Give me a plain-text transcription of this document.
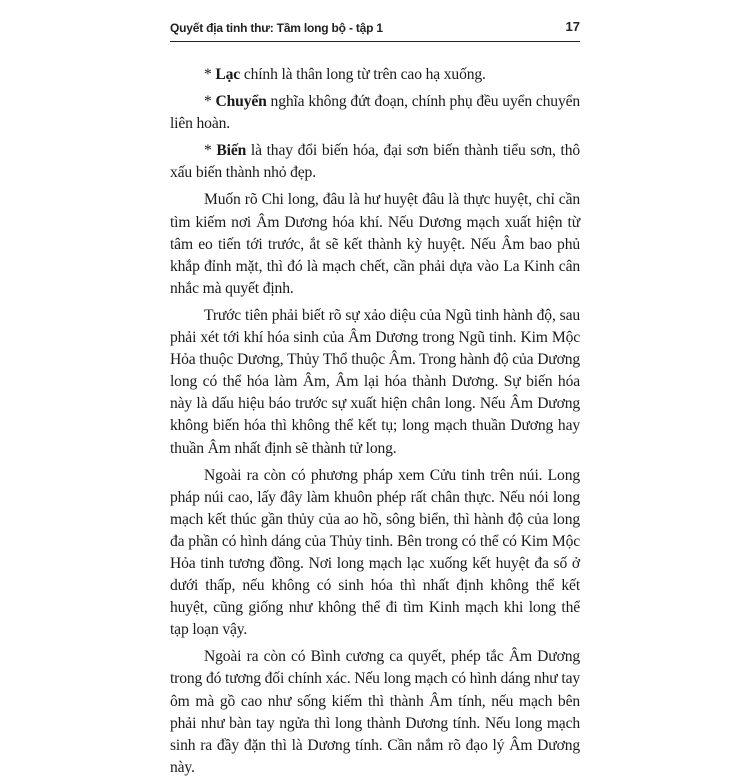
Quyết địa tinh thư: Tầm long bộ - tập 1	17

* Lạc chính là thân long từ trên cao hạ xuống.

* Chuyển nghĩa không đứt đoạn, chính phụ đều uyển chuyển liên hoàn.

* Biến là thay đổi biến hóa, đại sơn biến thành tiểu sơn, thô xấu biến thành nhỏ đẹp.

Muốn rõ Chi long, đâu là hư huyệt đâu là thực huyệt, chỉ cần tìm kiếm nơi Âm Dương hóa khí. Nếu Dương mạch xuất hiện từ tâm eo tiến tới trước, ắt sẽ kết thành kỳ huyệt. Nếu Âm bao phủ khắp đỉnh mặt, thì đó là mạch chết, cần phải dựa vào La Kinh cân nhắc mà quyết định.

Trước tiên phải biết rõ sự xảo diệu của Ngũ tinh hành độ, sau phải xét tới khí hóa sinh của Âm Dương trong Ngũ tinh. Kim Mộc Hỏa thuộc Dương, Thủy Thổ thuộc Âm. Trong hành độ của Dương long có thể hóa làm Âm, Âm lại hóa thành Dương. Sự biến hóa này là dấu hiệu báo trước sự xuất hiện chân long. Nếu Âm Dương không biến hóa thì không thể kết tụ; long mạch thuần Dương hay thuần Âm nhất định sẽ thành tử long.

Ngoài ra còn có phương pháp xem Cửu tinh trên núi. Long pháp núi cao, lấy đây làm khuôn phép rất chân thực. Nếu nói long mạch kết thúc gần thủy của ao hồ, sông biển, thì hành độ của long đa phần có hình dáng của Thủy tinh. Bên trong có thể có Kim Mộc Hỏa tinh tương đồng. Nơi long mạch lạc xuống kết huyệt đa số ở dưới thấp, nếu không có sinh hóa thì nhất định không thể kết huyệt, cũng giống như không thể đi tìm Kinh mạch khi long thể tạp loạn vậy.

Ngoài ra còn có Bình cương ca quyết, phép tắc Âm Dương trong đó tương đối chính xác. Nếu long mạch có hình dáng như tay ôm mà gồ cao như sống kiếm thì thành Âm tính, nếu mạch bên phải như bàn tay ngửa thì long thành Dương tính. Nếu long mạch sinh ra đầy đặn thì là Dương tính. Cần nắm rõ đạo lý Âm Dương này.
